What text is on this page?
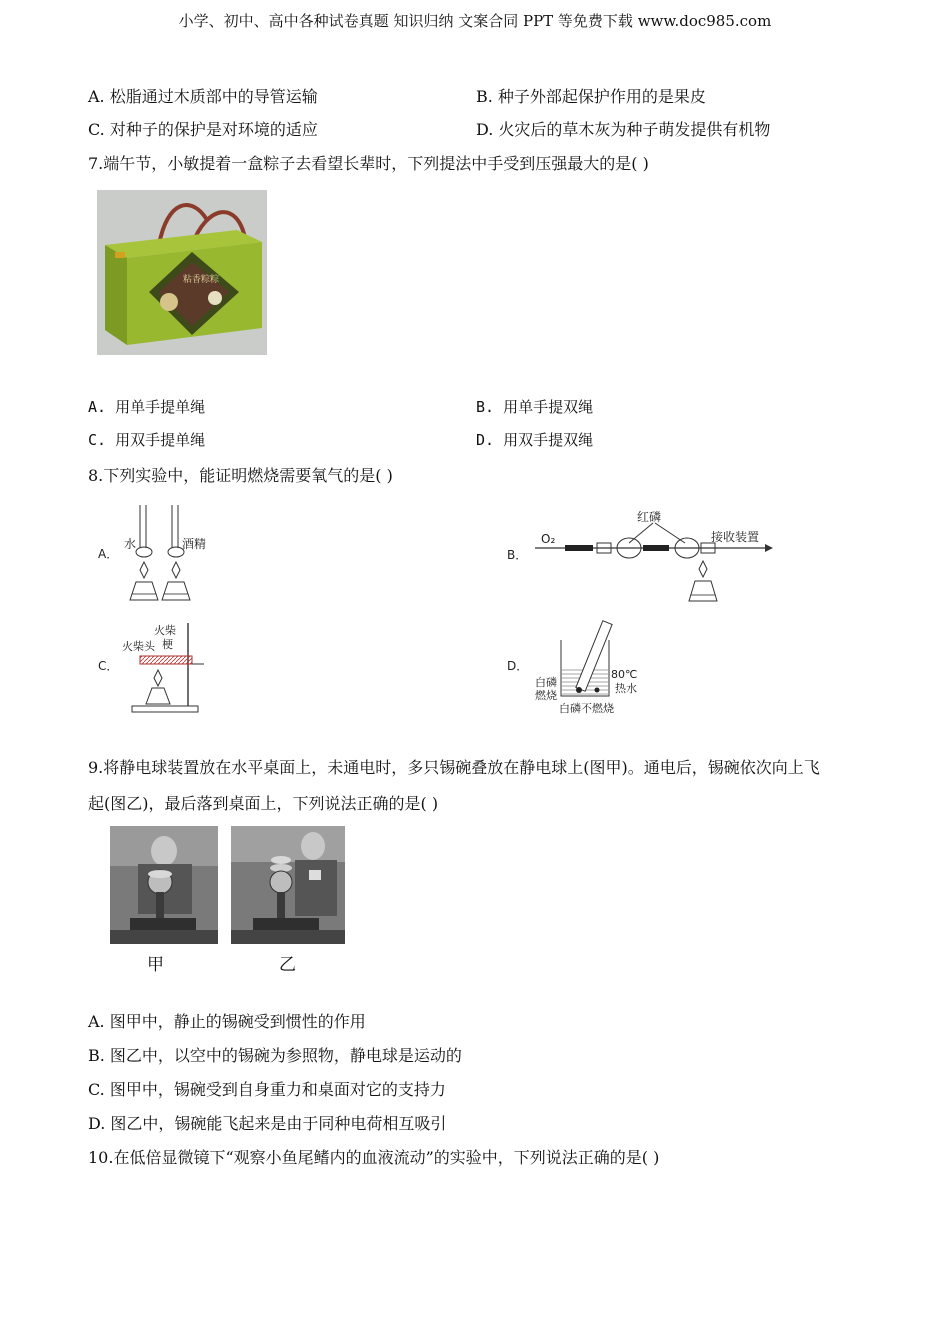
小学、初中、高中各种试卷真题 知识归纳 文案合同 PPT 等免费下载 www.doc985.com
A. 松脂通过木质部中的导管运输	B. 种子外部起保护作用的是果皮
C. 对种子的保护是对环境的适应	D. 火灾后的草木灰为种子萌发提供有机物
7.端午节，小敏提着一盒粽子去看望长辈时，下列提法中手受到压强最大的是( )
粘香粽粽
A. 用单手提单绳	B. 用单手提双绳
C. 用双手提单绳	D. 用双手提双绳
8.下列实验中，能证明燃烧需要氧气的是( )
A．
水	酒精
B．
O₂
红磷
接收装置
C．
火柴
梗
火柴头
D．
白磷
燃烧
80℃
热水
白磷不燃烧
9.将静电球装置放在水平桌面上，未通电时，多只锡碗叠放在静电球上(图甲)。通电后，锡碗依次向上飞
起(图乙)，最后落到桌面上，下列说法正确的是( )
甲	乙
A. 图甲中，静止的锡碗受到惯性的作用
B. 图乙中，以空中的锡碗为参照物，静电球是运动的
C. 图甲中，锡碗受到自身重力和桌面对它的支持力
D. 图乙中，锡碗能飞起来是由于同种电荷相互吸引
10.在低倍显微镜下“观察小鱼尾鳍内的血液流动”的实验中，下列说法正确的是( )
